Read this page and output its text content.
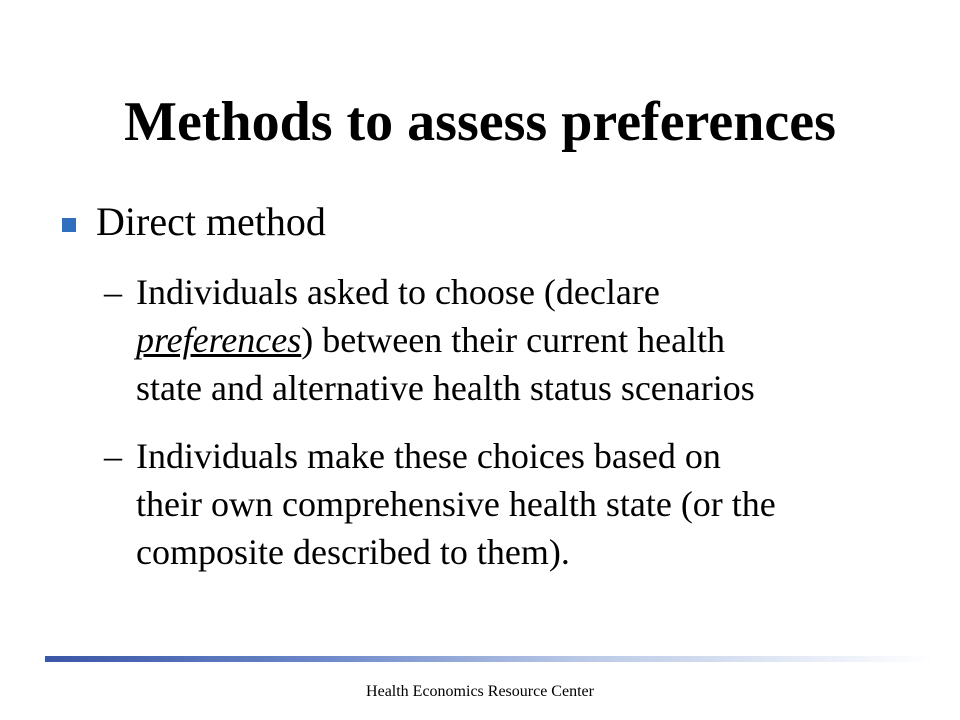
Methods to assess preferences
Direct method
– Individuals asked to choose (declare
preferences) between their current health
state and alternative health status scenarios
– Individuals make these choices based on
their own comprehensive health state (or the
composite described to them).
Health Economics Resource Center
